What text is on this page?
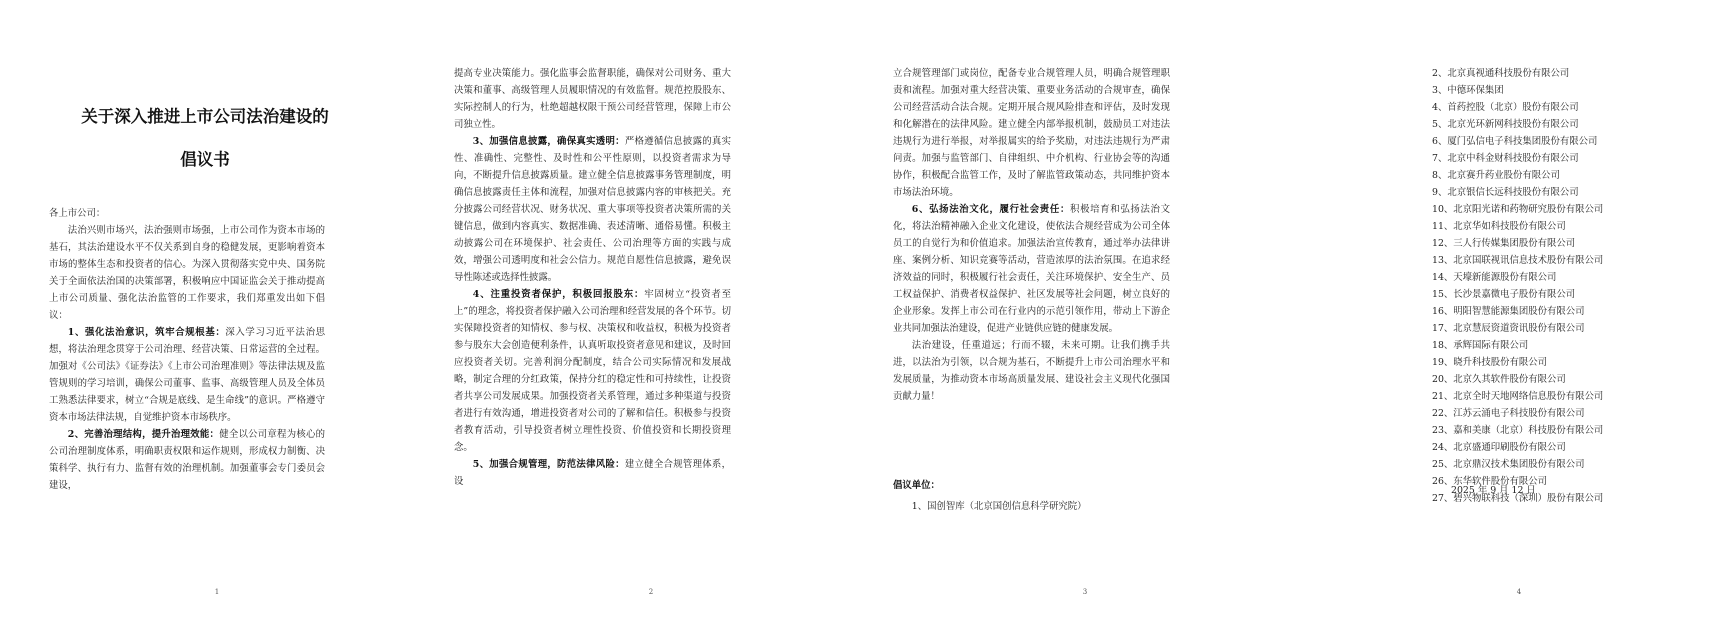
关于深入推进上市公司法治建设的
倡议书

各上市公司：

法治兴则市场兴，法治强则市场强，上市公司作为资本市场的基石，其法治建设水平不仅关系到自身的稳健发展，更影响着资本市场的整体生态和投资者的信心。为深入贯彻落实党中央、国务院关于全面依法治国的决策部署，积极响应中国证监会关于推动提高上市公司质量、强化法治监管的工作要求，我们郑重发出如下倡议：

1、强化法治意识，筑牢合规根基：深入学习习近平法治思想，将法治理念贯穿于公司治理、经营决策、日常运营的全过程。加强对《公司法》《证券法》《上市公司治理准则》等法律法规及监管规则的学习培训，确保公司董事、监事、高级管理人员及全体员工熟悉法律要求，树立“合规是底线、是生命线”的意识。严格遵守资本市场法律法规，自觉维护资本市场秩序。

2、完善治理结构，提升治理效能：健全以公司章程为核心的公司治理制度体系，明确职责权限和运作规则，形成权力制衡、决策科学、执行有力、监督有效的治理机制。加强董事会专门委员会建设，

1

提高专业决策能力。强化监事会监督职能，确保对公司财务、重大决策和董事、高级管理人员履职情况的有效监督。规范控股股东、实际控制人的行为，杜绝超越权限干预公司经营管理，保障上市公司独立性。

3、加强信息披露，确保真实透明：严格遵循信息披露的真实性、准确性、完整性、及时性和公平性原则，以投资者需求为导向，不断提升信息披露质量。建立健全信息披露事务管理制度，明确信息披露责任主体和流程，加强对信息披露内容的审核把关。充分披露公司经营状况、财务状况、重大事项等投资者决策所需的关键信息，做到内容真实、数据准确、表述清晰、通俗易懂。积极主动披露公司在环境保护、社会责任、公司治理等方面的实践与成效，增强公司透明度和社会公信力。规范自愿性信息披露，避免误导性陈述或选择性披露。

4、注重投资者保护，积极回报股东：牢固树立“投资者至上”的理念，将投资者保护融入公司治理和经营发展的各个环节。切实保障投资者的知情权、参与权、决策权和收益权，积极为投资者参与股东大会创造便利条件，认真听取投资者意见和建议，及时回应投资者关切。完善利润分配制度，结合公司实际情况和发展战略，制定合理的分红政策，保持分红的稳定性和可持续性，让投资者共享公司发展成果。加强投资者关系管理，通过多种渠道与投资者进行有效沟通，增进投资者对公司的了解和信任。积极参与投资者教育活动，引导投资者树立理性投资、价值投资和长期投资理念。

5、加强合规管理，防范法律风险：建立健全合规管理体系，设

2

立合规管理部门或岗位，配备专业合规管理人员，明确合规管理职责和流程。加强对重大经营决策、重要业务活动的合规审查，确保公司经营活动合法合规。定期开展合规风险排查和评估，及时发现和化解潜在的法律风险。建立健全内部举报机制，鼓励员工对违法违规行为进行举报，对举报属实的给予奖励，对违法违规行为严肃问责。加强与监管部门、自律组织、中介机构、行业协会等的沟通协作，积极配合监管工作，及时了解监管政策动态，共同维护资本市场法治环境。

6、弘扬法治文化，履行社会责任：积极培育和弘扬法治文化，将法治精神融入企业文化建设，使依法合规经营成为公司全体员工的自觉行为和价值追求。加强法治宣传教育，通过举办法律讲座、案例分析、知识竞赛等活动，营造浓厚的法治氛围。在追求经济效益的同时，积极履行社会责任，关注环境保护、安全生产、员工权益保护、消费者权益保护、社区发展等社会问题，树立良好的企业形象。发挥上市公司在行业内的示范引领作用，带动上下游企业共同加强法治建设，促进产业链供应链的健康发展。

法治建设，任重道远；行而不辍，未来可期。让我们携手共进，以法治为引领，以合规为基石，不断提升上市公司治理水平和发展质量，为推动资本市场高质量发展、建设社会主义现代化强国贡献力量！

倡议单位：

1、国创智库（北京国创信息科学研究院）

3
2、北京真视通科技股份有限公司
3、中德环保集团
4、首药控股（北京）股份有限公司
5、北京光环新网科技股份有限公司
6、厦门弘信电子科技集团股份有限公司
7、北京中科金财科技股份有限公司
8、北京赛升药业股份有限公司
9、北京银信长远科技股份有限公司
10、北京阳光诺和药物研究股份有限公司
11、北京华如科技股份有限公司
12、三人行传媒集团股份有限公司
13、北京国联视讯信息技术股份有限公司
14、天壕新能源股份有限公司
15、长沙景嘉微电子股份有限公司
16、明阳智慧能源集团股份有限公司
17、北京慧辰资道资讯股份有限公司
18、承辉国际有限公司
19、晓升科技股份有限公司
20、北京久其软件股份有限公司
21、北京全时天地网络信息股份有限公司
22、江苏云涌电子科技股份有限公司
23、嘉和美康（北京）科技股份有限公司
24、北京盛通印刷股份有限公司
25、北京鼎汉技术集团股份有限公司
26、东华软件股份有限公司
27、碧兴物联科技（深圳）股份有限公司
2025 年 9 月 12 日
4
